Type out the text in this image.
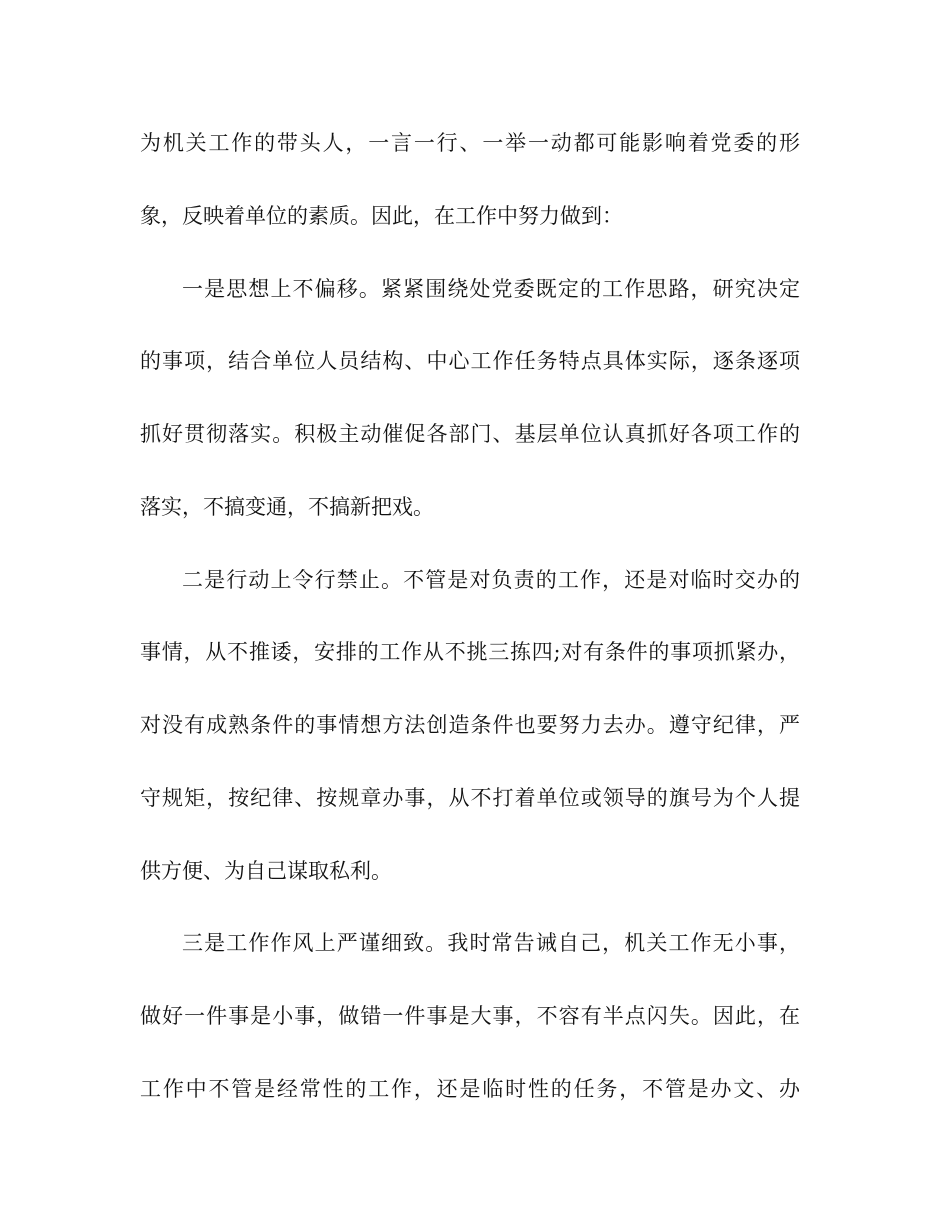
为机关工作的带头人，一言一行、一举一动都可能影响着党委的形
象，反映着单位的素质。因此，在工作中努力做到：
一是思想上不偏移。紧紧围绕处党委既定的工作思路，研究决定
的事项，结合单位人员结构、中心工作任务特点具体实际，逐条逐项
抓好贯彻落实。积极主动催促各部门、基层单位认真抓好各项工作的
落实，不搞变通，不搞新把戏。
二是行动上令行禁止。不管是对负责的工作，还是对临时交办的
事情，从不推诿，安排的工作从不挑三拣四;对有条件的事项抓紧办，
对没有成熟条件的事情想方法创造条件也要努力去办。遵守纪律，严
守规矩，按纪律、按规章办事，从不打着单位或领导的旗号为个人提
供方便、为自己谋取私利。
三是工作作风上严谨细致。我时常告诫自己，机关工作无小事，
做好一件事是小事，做错一件事是大事，不容有半点闪失。因此，在
工作中不管是经常性的工作，还是临时性的任务，不管是办文、办
